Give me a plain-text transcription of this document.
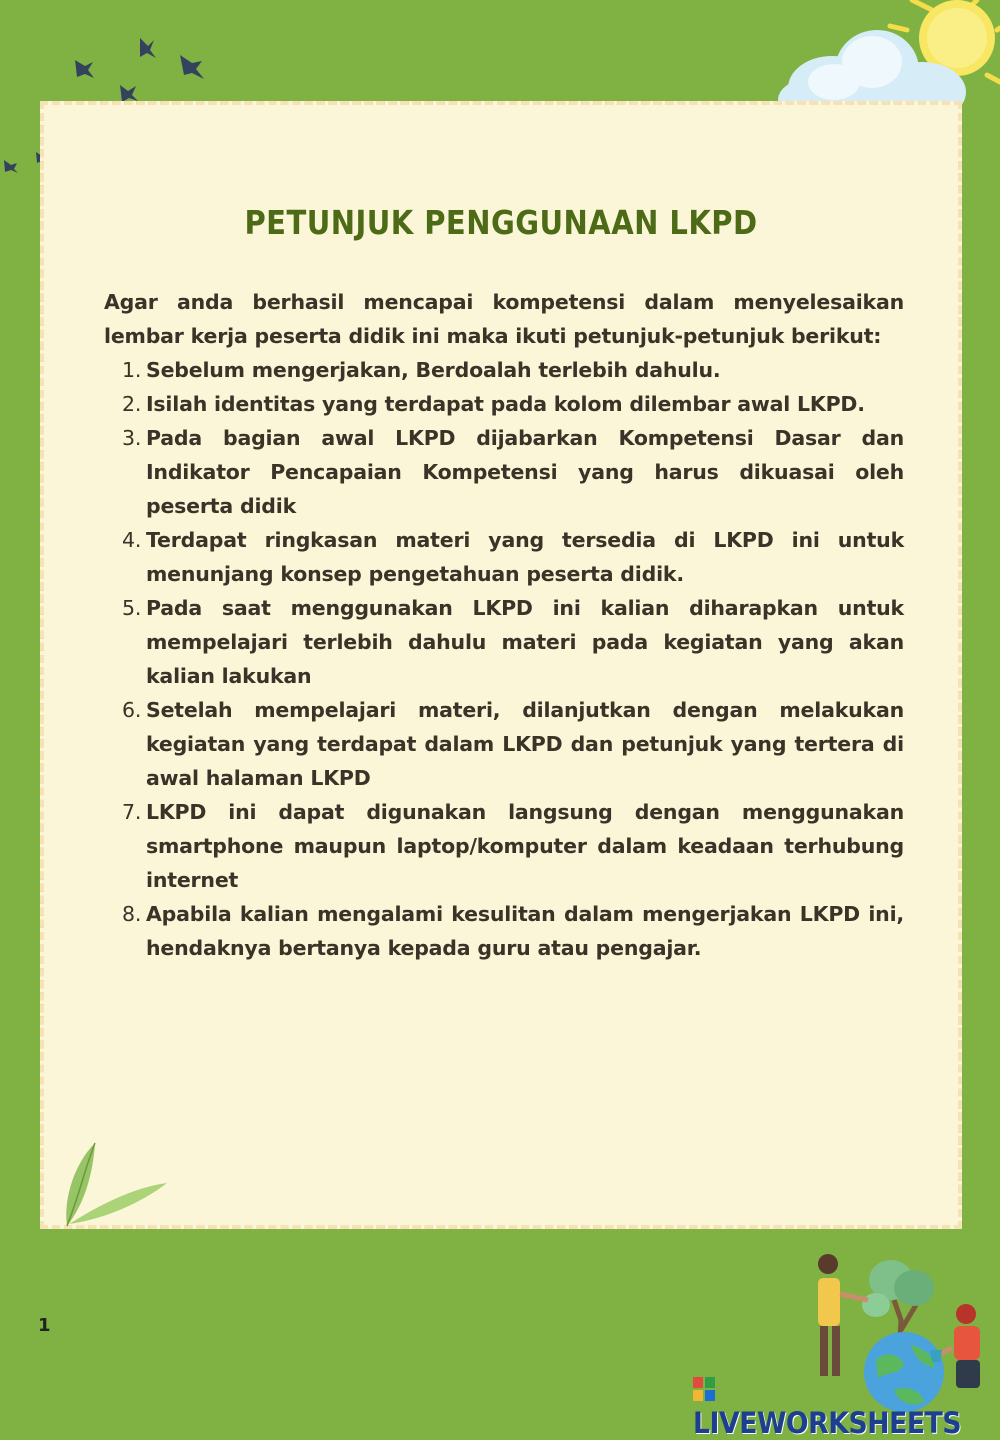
PETUNJUK PENGGUNAAN LKPD

Agar anda berhasil mencapai kompetensi dalam menyelesaikan lembar kerja peserta didik ini maka ikuti petunjuk-petunjuk berikut:

1. Sebelum mengerjakan, Berdoalah terlebih dahulu.
2. Isilah identitas yang terdapat pada kolom dilembar awal LKPD.
3. Pada bagian awal LKPD dijabarkan Kompetensi Dasar dan Indikator Pencapaian Kompetensi yang harus dikuasai oleh peserta didik
4. Terdapat ringkasan materi yang tersedia di LKPD ini untuk menunjang konsep pengetahuan peserta didik.
5. Pada saat menggunakan LKPD ini kalian diharapkan untuk mempelajari terlebih dahulu materi pada kegiatan yang akan kalian lakukan
6. Setelah mempelajari materi, dilanjutkan dengan melakukan kegiatan yang terdapat dalam LKPD dan petunjuk yang tertera di awal halaman LKPD
7. LKPD ini dapat digunakan langsung dengan menggunakan smartphone maupun laptop/komputer dalam keadaan terhubung internet
8. Apabila kalian mengalami kesulitan dalam mengerjakan LKPD ini, hendaknya bertanya kepada guru atau pengajar.
1
LIVEWORKSHEETS
